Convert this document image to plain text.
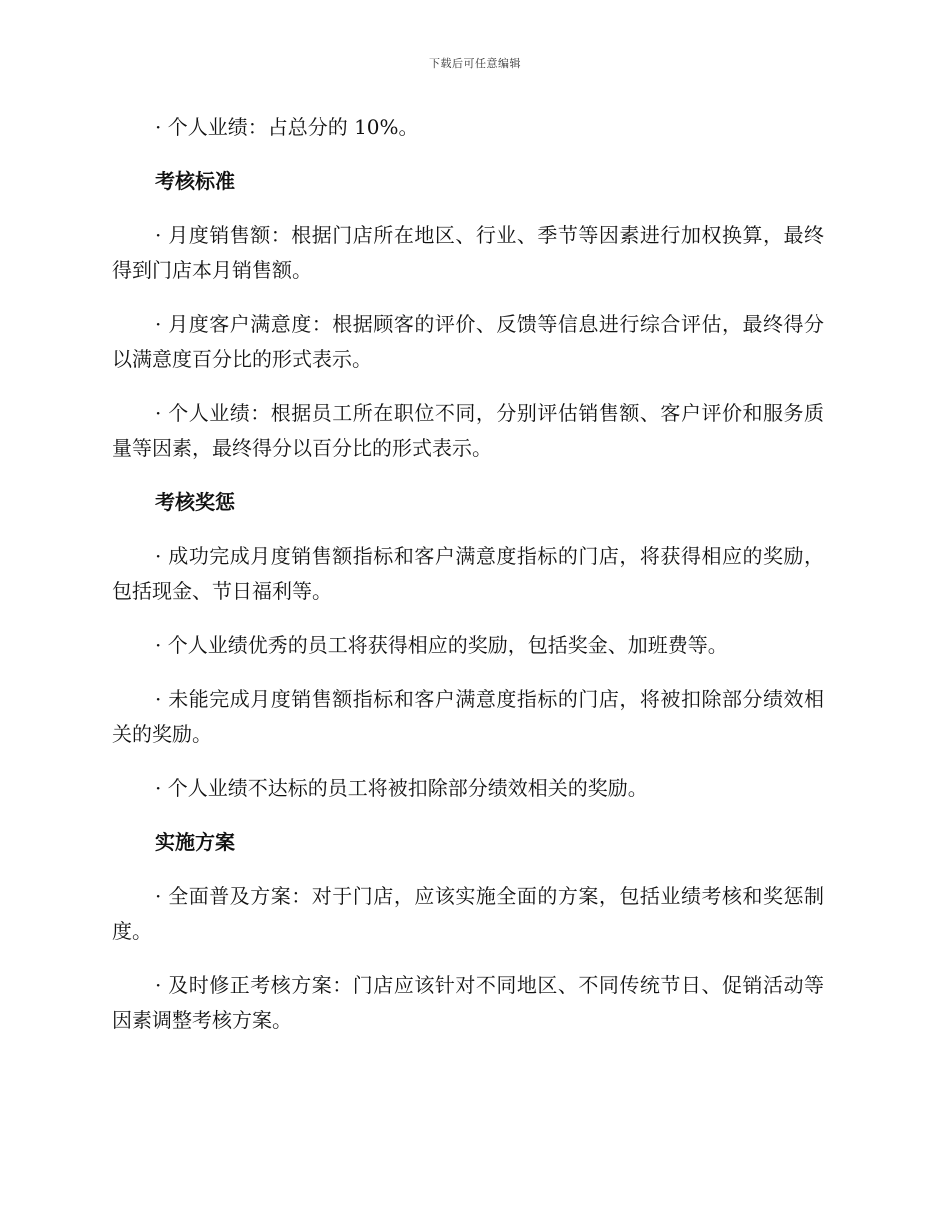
下载后可任意编辑

· 个人业绩：占总分的 10%。

考核标准

· 月度销售额：根据门店所在地区、行业、季节等因素进行加权换算，最终得到门店本月销售额。

· 月度客户满意度：根据顾客的评价、反馈等信息进行综合评估，最终得分以满意度百分比的形式表示。

· 个人业绩：根据员工所在职位不同，分别评估销售额、客户评价和服务质量等因素，最终得分以百分比的形式表示。

考核奖惩

· 成功完成月度销售额指标和客户满意度指标的门店，将获得相应的奖励，包括现金、节日福利等。

· 个人业绩优秀的员工将获得相应的奖励，包括奖金、加班费等。

· 未能完成月度销售额指标和客户满意度指标的门店，将被扣除部分绩效相关的奖励。

· 个人业绩不达标的员工将被扣除部分绩效相关的奖励。

实施方案

· 全面普及方案：对于门店，应该实施全面的方案，包括业绩考核和奖惩制度。

· 及时修正考核方案：门店应该针对不同地区、不同传统节日、促销活动等因素调整考核方案。
